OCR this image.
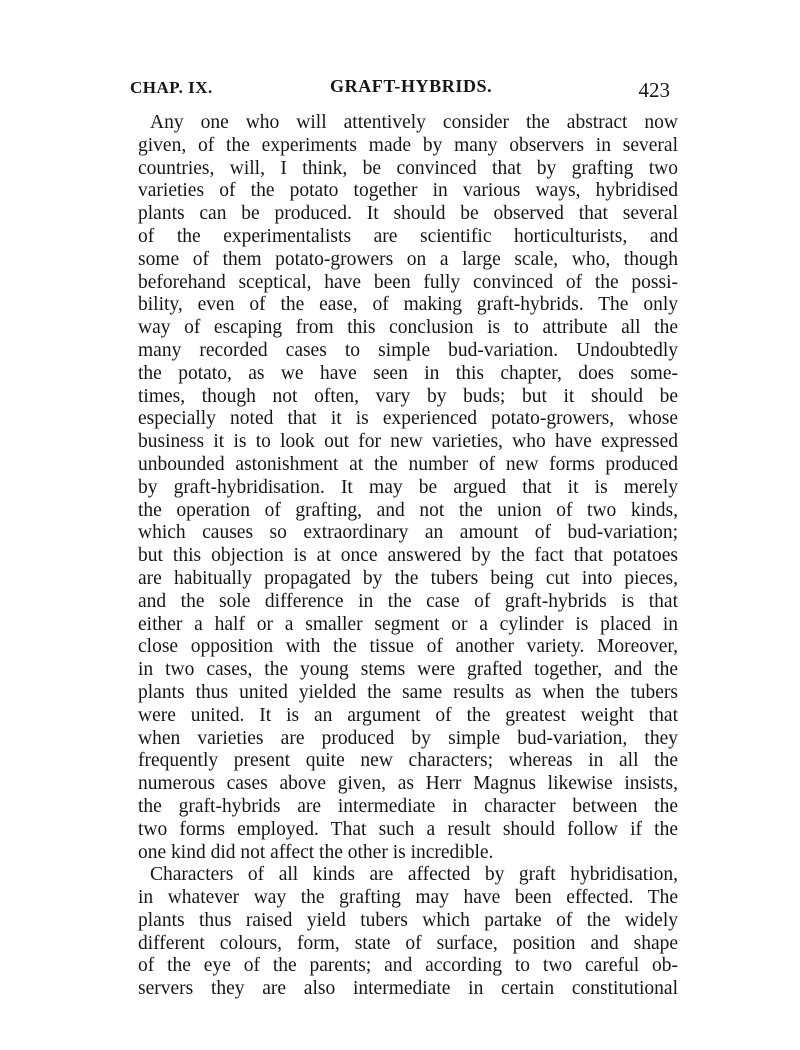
CHAP. IX.	GRAFT-HYBRIDS.	423
Any one who will attentively consider the abstract now
given, of the experiments made by many observers in several
countries, will, I think, be convinced that by grafting two
varieties of the potato together in various ways, hybridised
plants can be produced. It should be observed that several
of the experimentalists are scientific horticulturists, and
some of them potato-growers on a large scale, who, though
beforehand sceptical, have been fully convinced of the possi-
bility, even of the ease, of making graft-hybrids. The only
way of escaping from this conclusion is to attribute all the
many recorded cases to simple bud-variation. Undoubtedly
the potato, as we have seen in this chapter, does some-
times, though not often, vary by buds; but it should be
especially noted that it is experienced potato-growers, whose
business it is to look out for new varieties, who have expressed
unbounded astonishment at the number of new forms produced
by graft-hybridisation. It may be argued that it is merely
the operation of grafting, and not the union of two kinds,
which causes so extraordinary an amount of bud-variation;
but this objection is at once answered by the fact that potatoes
are habitually propagated by the tubers being cut into pieces,
and the sole difference in the case of graft-hybrids is that
either a half or a smaller segment or a cylinder is placed in
close opposition with the tissue of another variety. Moreover,
in two cases, the young stems were grafted together, and the
plants thus united yielded the same results as when the tubers
were united. It is an argument of the greatest weight that
when varieties are produced by simple bud-variation, they
frequently present quite new characters; whereas in all the
numerous cases above given, as Herr Magnus likewise insists,
the graft-hybrids are intermediate in character between the
two forms employed. That such a result should follow if the
one kind did not affect the other is incredible.
Characters of all kinds are affected by graft hybridisation,
in whatever way the grafting may have been effected. The
plants thus raised yield tubers which partake of the widely
different colours, form, state of surface, position and shape
of the eye of the parents; and according to two careful ob-
servers they are also intermediate in certain constitutional
